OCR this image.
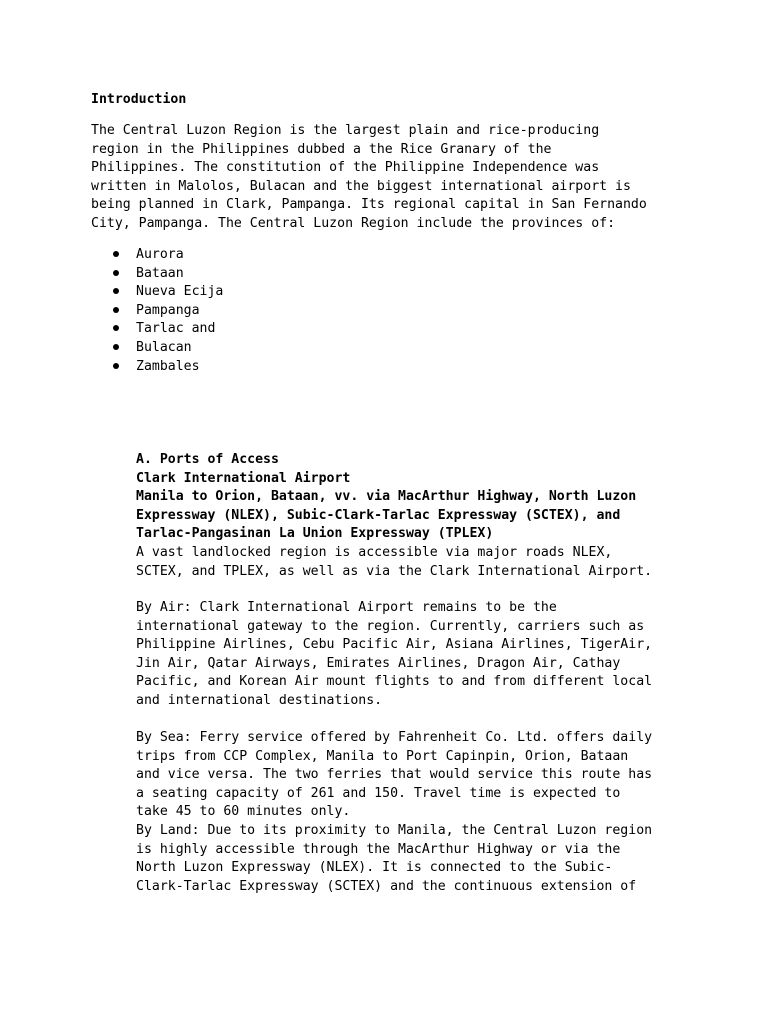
Introduction
The Central Luzon Region is the largest plain and rice-producing
region in the Philippines dubbed a the Rice Granary of the
Philippines. The constitution of the Philippine Independence was
written in Malolos, Bulacan and the biggest international airport is
being planned in Clark, Pampanga. Its regional capital in San Fernando
City, Pampanga. The Central Luzon Region include the provinces of:
Aurora
Bataan
Nueva Ecija
Pampanga
Tarlac and
Bulacan
Zambales
A. Ports of Access
Clark International Airport
Manila to Orion, Bataan, vv. via MacArthur Highway, North Luzon
Expressway (NLEX), Subic-Clark-Tarlac Expressway (SCTEX), and
Tarlac-Pangasinan La Union Expressway (TPLEX)
A vast landlocked region is accessible via major roads NLEX,
SCTEX, and TPLEX, as well as via the Clark International Airport.
By Air: Clark International Airport remains to be the
international gateway to the region. Currently, carriers such as
Philippine Airlines, Cebu Pacific Air, Asiana Airlines, TigerAir,
Jin Air, Qatar Airways, Emirates Airlines, Dragon Air, Cathay
Pacific, and Korean Air mount flights to and from different local
and international destinations.
By Sea: Ferry service offered by Fahrenheit Co. Ltd. offers daily
trips from CCP Complex, Manila to Port Capinpin, Orion, Bataan
and vice versa. The two ferries that would service this route has
a seating capacity of 261 and 150. Travel time is expected to
take 45 to 60 minutes only.
By Land: Due to its proximity to Manila, the Central Luzon region
is highly accessible through the MacArthur Highway or via the
North Luzon Expressway (NLEX). It is connected to the Subic-
Clark-Tarlac Expressway (SCTEX) and the continuous extension of
